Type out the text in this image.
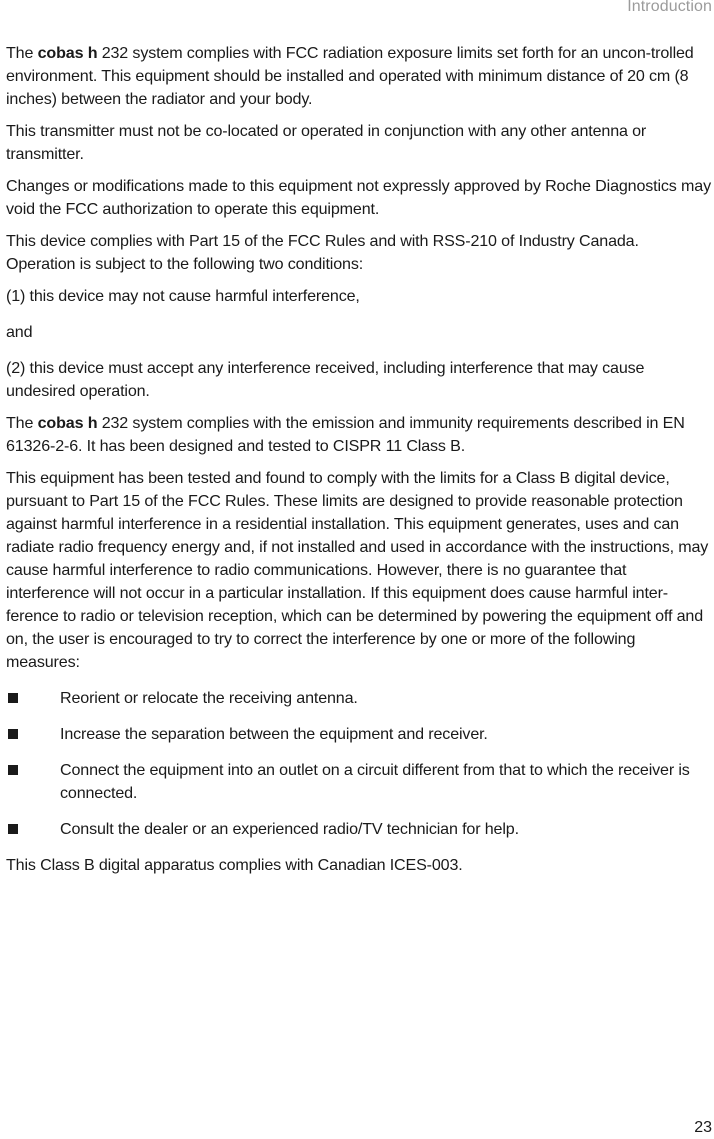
Introduction

The cobas h 232 system complies with FCC radiation exposure limits set forth for an uncon-trolled environment. This equipment should be installed and operated with minimum distance of 20 cm (8 inches) between the radiator and your body.

This transmitter must not be co-located or operated in conjunction with any other antenna or transmitter.

Changes or modifications made to this equipment not expressly approved by Roche Diagnostics may void the FCC authorization to operate this equipment.

This device complies with Part 15 of the FCC Rules and with RSS-210 of Industry Canada. Operation is subject to the following two conditions:

(1) this device may not cause harmful interference,

and

(2) this device must accept any interference received, including interference that may cause undesired operation.

The cobas h 232 system complies with the emission and immunity requirements described in EN 61326-2-6. It has been designed and tested to CISPR 11 Class B.

This equipment has been tested and found to comply with the limits for a Class B digital device, pursuant to Part 15 of the FCC Rules. These limits are designed to provide reasonable protection against harmful interference in a residential installation. This equipment generates, uses and can radiate radio frequency energy and, if not installed and used in accordance with the instructions, may cause harmful interference to radio communications. However, there is no guarantee that interference will not occur in a particular installation. If this equipment does cause harmful inter-ference to radio or television reception, which can be determined by powering the equipment off and on, the user is encouraged to try to correct the interference by one or more of the following measures:

Reorient or relocate the receiving antenna.
Increase the separation between the equipment and receiver.
Connect the equipment into an outlet on a circuit different from that to which the receiver is connected.
Consult the dealer or an experienced radio/TV technician for help.

This Class B digital apparatus complies with Canadian ICES-003.

23
